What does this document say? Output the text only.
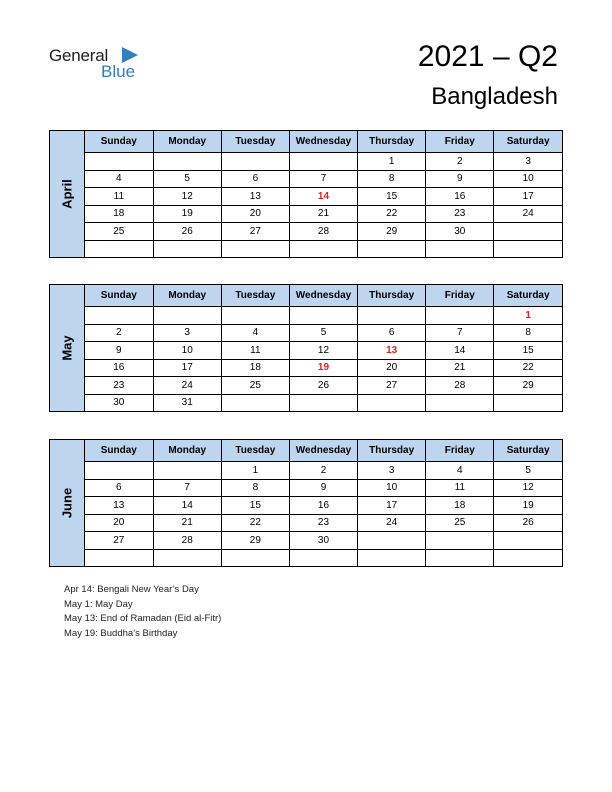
General
Blue	2021 – Q2
Bangladesh
April
Sunday	Monday	Tuesday	Wednesday	Thursday	Friday	Saturday
				1	2	3
4	5	6	7	8	9	10
11	12	13	14	15	16	17
18	19	20	21	22	23	24
25	26	27	28	29	30	

May
Sunday	Monday	Tuesday	Wednesday	Thursday	Friday	Saturday
						1
2	3	4	5	6	7	8
9	10	11	12	13	14	15
16	17	18	19	20	21	22
23	24	25	26	27	28	29
30	31					
June
Sunday	Monday	Tuesday	Wednesday	Thursday	Friday	Saturday
		1	2	3	4	5
6	7	8	9	10	11	12
13	14	15	16	17	18	19
20	21	22	23	24	25	26
27	28	29	30			

Apr 14: Bengali New Year’s Day
May 1: May Day
May 13: End of Ramadan (Eid al-Fitr)
May 19: Buddha’s Birthday
